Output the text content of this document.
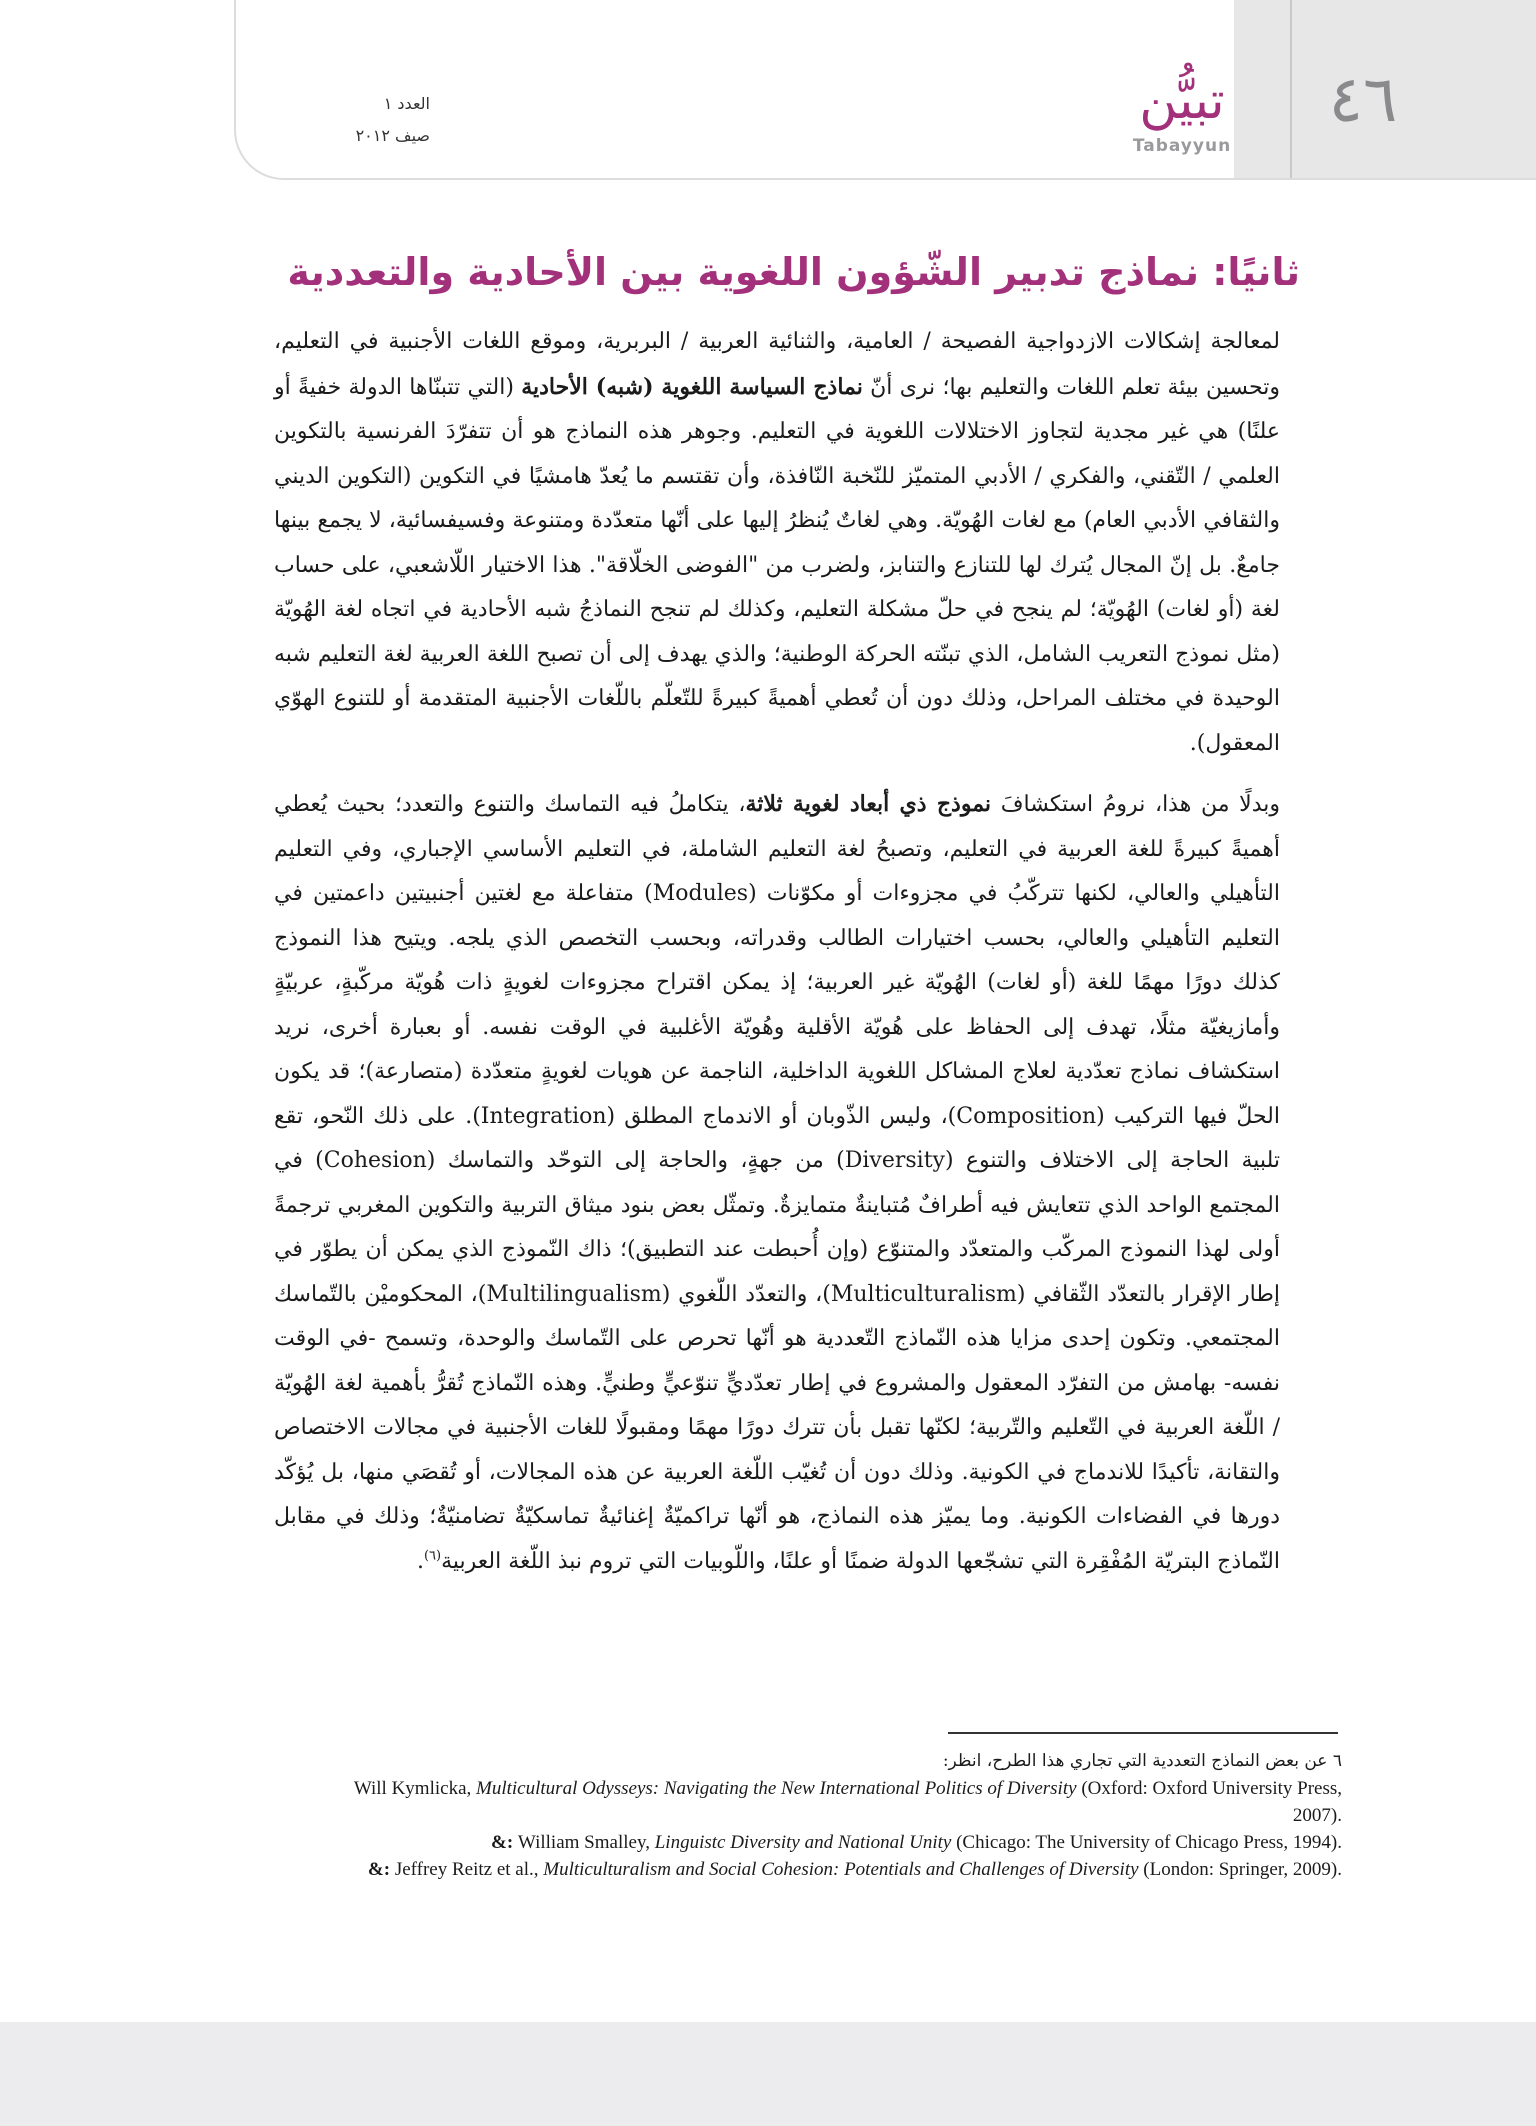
٤٦
تبيُّن
Tabayyun
العدد ١
صيف ٢٠١٢
ثانيًا: نماذج تدبير الشّؤون اللغوية بين الأحادية والتعددية

لمعالجة إشكالات الازدواجية الفصيحة / العامية، والثنائية العربية / البربرية، وموقع اللغات الأجنبية في التعليم، وتحسين بيئة تعلم اللغات والتعليم بها؛ نرى أنّ نماذج السياسة اللغوية (شبه) الأحادية (التي تتبنّاها الدولة خفيةً أو علنًا) هي غير مجدية لتجاوز الاختلالات اللغوية في التعليم. وجوهر هذه النماذج هو أن تتفرّدَ الفرنسية بالتكوين العلمي / التّقني، والفكري / الأدبي المتميّز للنّخبة النّافذة، وأن تقتسم ما يُعدّ هامشيًا في التكوين (التكوين الديني والثقافي الأدبي العام) مع لغات الهُويّة. وهي لغاتٌ يُنظرُ إليها على أنّها متعدّدة ومتنوعة وفسيفسائية، لا يجمع بينها جامعٌ. بل إنّ المجال يُترك لها للتنازع والتنابز، ولضرب من "الفوضى الخلّاقة". هذا الاختيار اللّاشعبي، على حساب لغة (أو لغات) الهُويّة؛ لم ينجح في حلّ مشكلة التعليم، وكذلك لم تنجح النماذجُ شبه الأحادية في اتجاه لغة الهُويّة (مثل نموذج التعريب الشامل، الذي تبنّته الحركة الوطنية؛ والذي يهدف إلى أن تصبح اللغة العربية لغة التعليم شبه الوحيدة في مختلف المراحل، وذلك دون أن تُعطي أهميةً كبيرةً للتّعلّم باللّغات الأجنبية المتقدمة أو للتنوع الهوّي المعقول).

وبدلًا من هذا، نرومُ استكشافَ نموذج ذي أبعاد لغوية ثلاثة، يتكاملُ فيه التماسك والتنوع والتعدد؛ بحيث يُعطي أهميةً كبيرةً للغة العربية في التعليم، وتصبحُ لغة التعليم الشاملة، في التعليم الأساسي الإجباري، وفي التعليم التأهيلي والعالي، لكنها تتركّبُ في مجزوءات أو مكوّنات (Modules) متفاعلة مع لغتين أجنبيتين داعمتين في التعليم التأهيلي والعالي، بحسب اختيارات الطالب وقدراته، وبحسب التخصص الذي يلجه. ويتيح هذا النموذج كذلك دورًا مهمًا للغة (أو لغات) الهُويّة غير العربية؛ إذ يمكن اقتراح مجزوءات لغويةٍ ذات هُويّة مركّبةٍ، عربيّةٍ وأمازيغيّة مثلًا، تهدف إلى الحفاظ على هُويّة الأقلية وهُويّة الأغلبية في الوقت نفسه. أو بعبارة أخرى، نريد استكشاف نماذج تعدّدية لعلاج المشاكل اللغوية الداخلية، الناجمة عن هويات لغويةٍ متعدّدة (متصارعة)؛ قد يكون الحلّ فيها التركيب (Composition)، وليس الذّوبان أو الاندماج المطلق (Integration). على ذلك النّحو، تقع تلبية الحاجة إلى الاختلاف والتنوع (Diversity) من جهةٍ، والحاجة إلى التوحّد والتماسك (Cohesion) في المجتمع الواحد الذي تتعايش فيه أطرافٌ مُتباينةٌ متمايزةٌ. وتمثّل بعض بنود ميثاق التربية والتكوين المغربي ترجمةً أولى لهذا النموذج المركّب والمتعدّد والمتنوّع (وإن أُحبطت عند التطبيق)؛ ذاك النّموذج الذي يمكن أن يطوّر في إطار الإقرار بالتعدّد الثّقافي (Multiculturalism)، والتعدّد اللّغوي (Multilingualism)، المحكوميْن بالتّماسك المجتمعي. وتكون إحدى مزايا هذه النّماذج التّعددية هو أنّها تحرص على التّماسك والوحدة، وتسمح -في الوقت نفسه- بهامش من التفرّد المعقول والمشروع في إطار تعدّديٍّ تنوّعيٍّ وطنيٍّ. وهذه النّماذج تُقرُّ بأهمية لغة الهُويّة / اللّغة العربية في التّعليم والتّربية؛ لكنّها تقبل بأن تترك دورًا مهمًا ومقبولًا للغات الأجنبية في مجالات الاختصاص والتقانة، تأكيدًا للاندماج في الكونية. وذلك دون أن تُغيّب اللّغة العربية عن هذه المجالات، أو تُقصَي منها، بل يُؤكّد دورها في الفضاءات الكونية. وما يميّز هذه النماذج، هو أنّها تراكميّةٌ إغنائيةٌ تماسكيّةٌ تضامنيّةٌ؛ وذلك في مقابل النّماذج البتريّة المُفْقِرة التي تشجّعها الدولة ضمنًا أو علنًا، واللّوبيات التي تروم نبذ اللّغة العربية$^{(٦)}$.

٦ عن بعض النماذج التعددية التي تجاري هذا الطرح، انظر:
Will Kymlicka, Multicultural Odysseys: Navigating the New International Politics of Diversity (Oxford: Oxford University Press, 2007).
&: William Smalley, Linguistc Diversity and National Unity (Chicago: The University of Chicago Press, 1994).
&: Jeffrey Reitz et al., Multiculturalism and Social Cohesion: Potentials and Challenges of Diversity (London: Springer, 2009).
